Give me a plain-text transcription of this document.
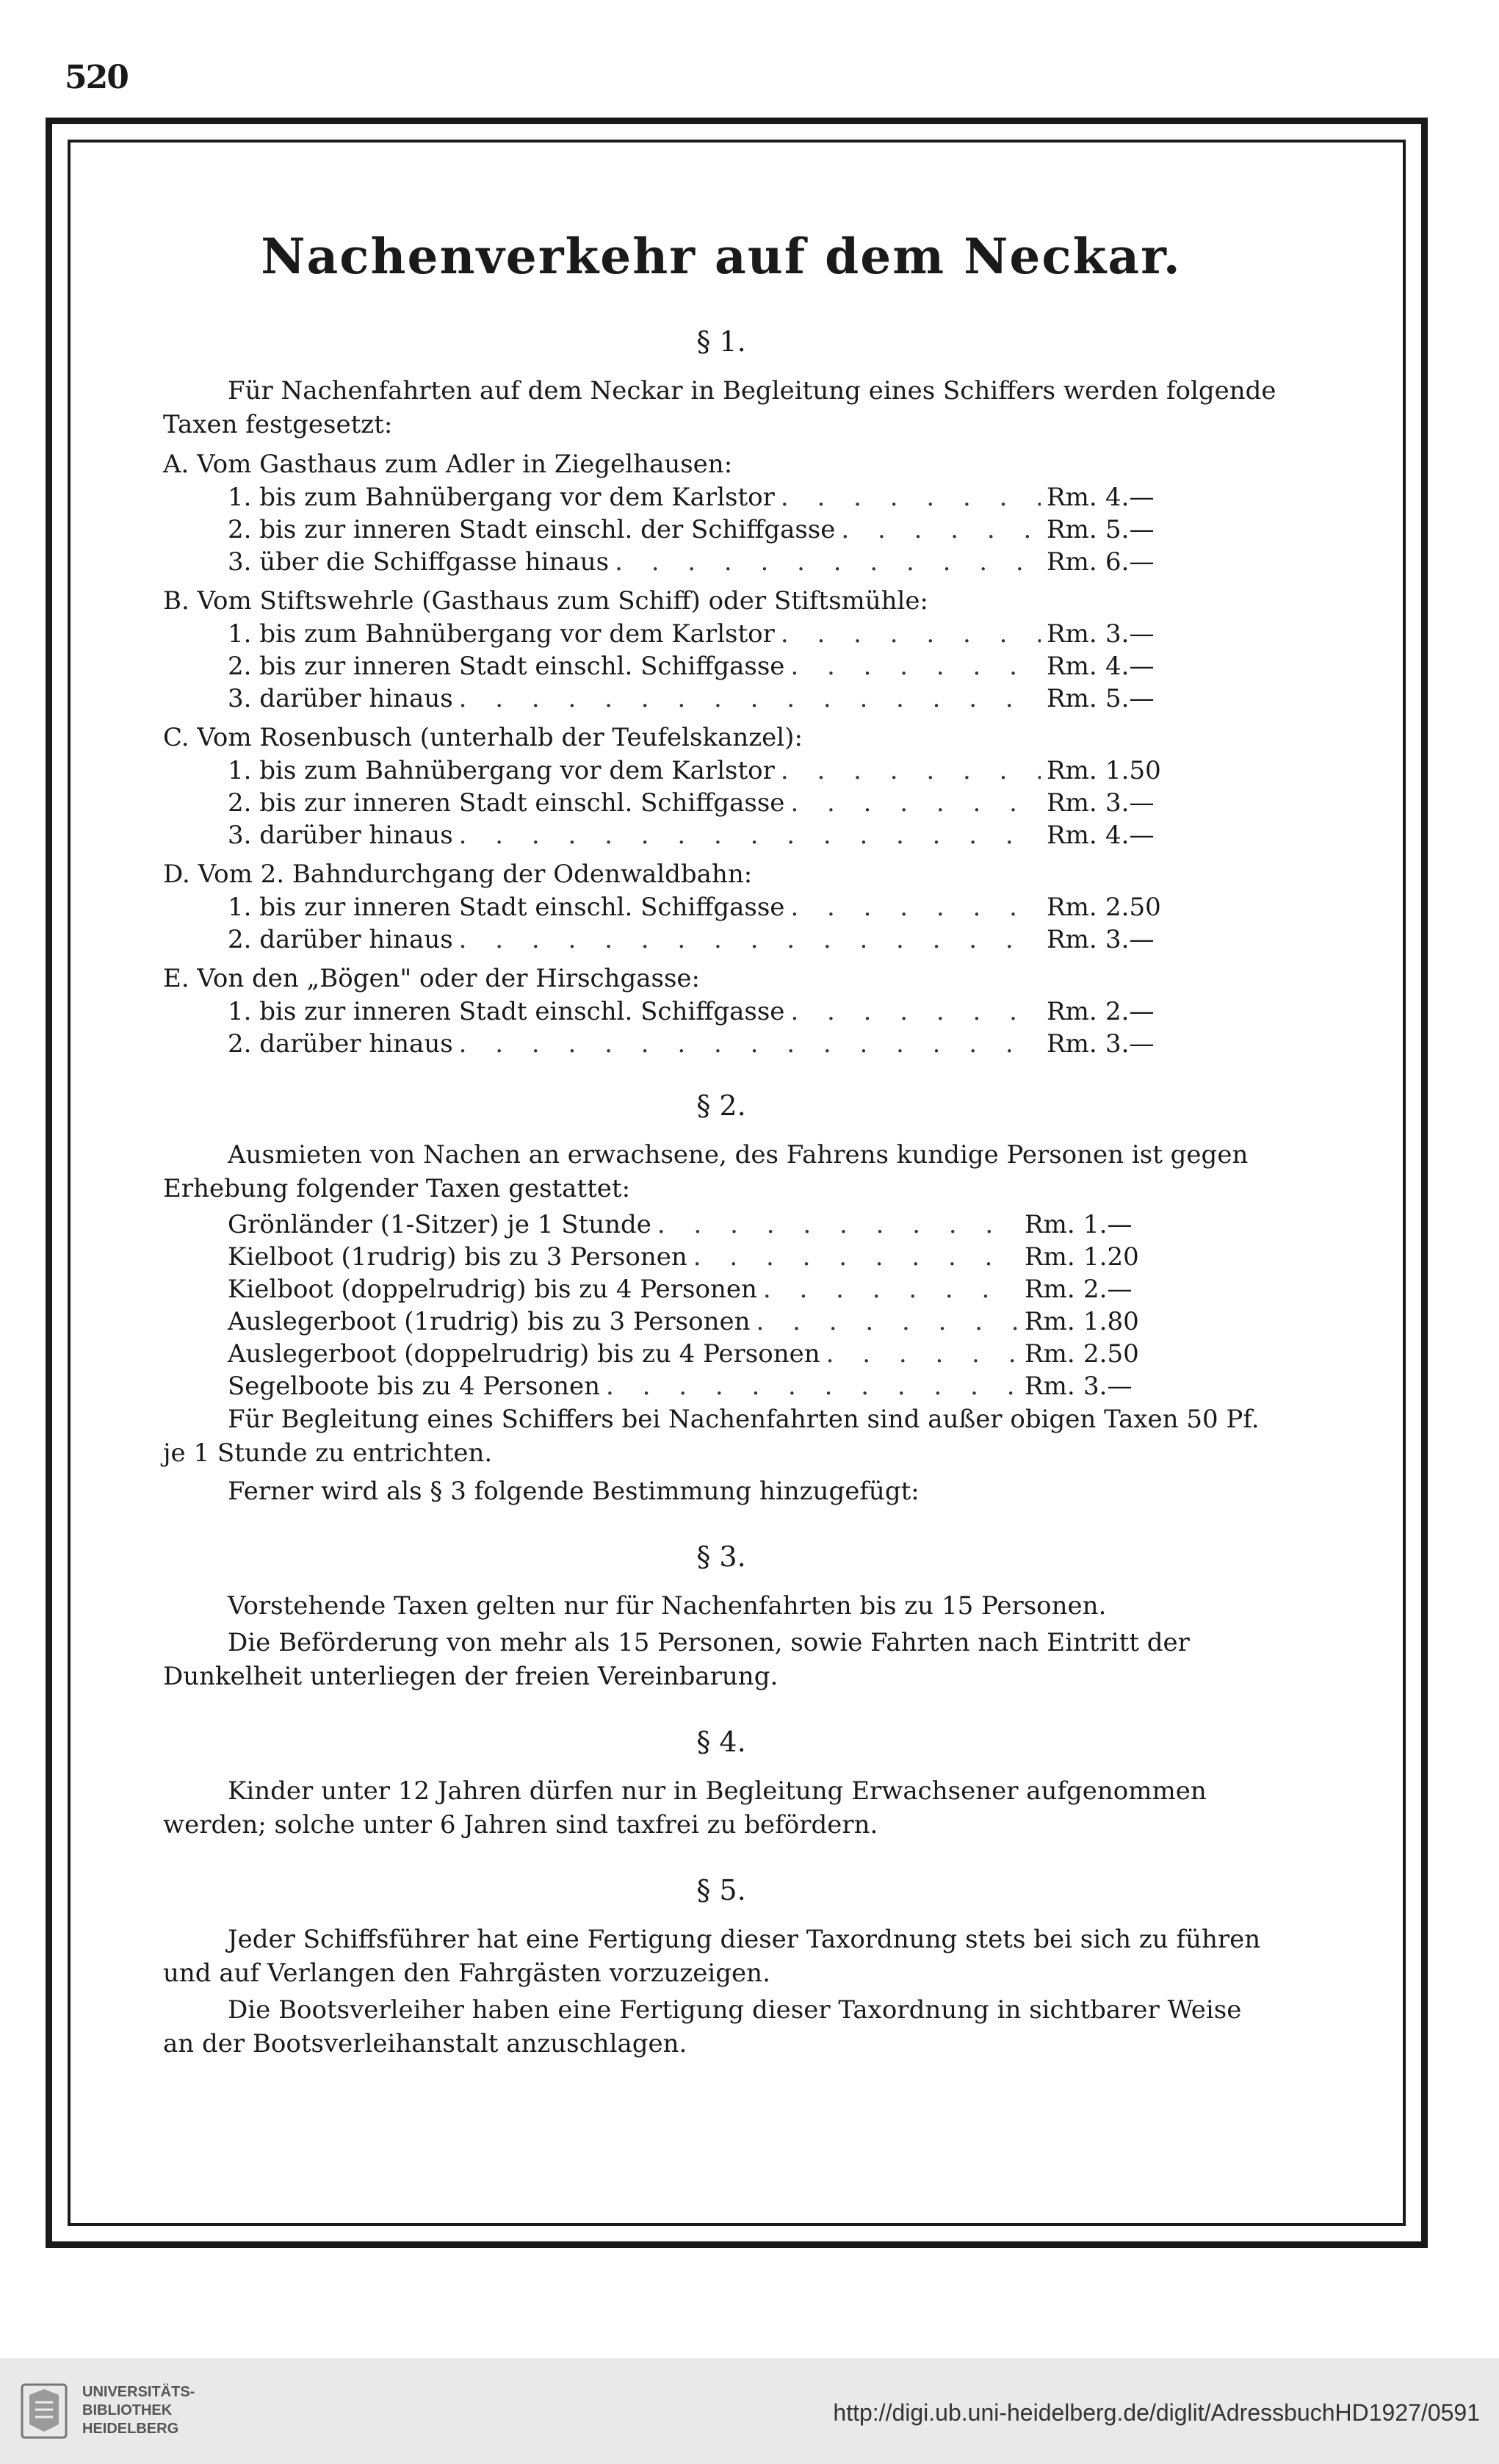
520
Nachenverkehr auf dem Neckar.
§ 1.
Für Nachenfahrten auf dem Neckar in Begleitung eines Schiffers werden folgende Taxen festgesetzt:
A. Vom Gasthaus zum Adler in Ziegelhausen:
1. bis zum Bahnübergang vor dem Karlstor . . .	Rm. 4.—
2. bis zur inneren Stadt einschl. der Schiffgasse . . .	Rm. 5.—
3. über die Schiffgasse hinaus . . .	Rm. 6.—
B. Vom Stiftswehrle (Gasthaus zum Schiff) oder Stiftsmühle:
1. bis zum Bahnübergang vor dem Karlstor . . .	Rm. 3.—
2. bis zur inneren Stadt einschl. Schiffgasse . . .	Rm. 4.—
3. darüber hinaus . . .	Rm. 5.—
C. Vom Rosenbusch (unterhalb der Teufelskanzel):
1. bis zum Bahnübergang vor dem Karlstor . . .	Rm. 1.50
2. bis zur inneren Stadt einschl. Schiffgasse . . .	Rm. 3.—
3. darüber hinaus . . .	Rm. 4.—
D. Vom 2. Bahndurchgang der Odenwaldbahn:
1. bis zur inneren Stadt einschl. Schiffgasse . . .	Rm. 2.50
2. darüber hinaus . . .	Rm. 3.—
E. Von den „Bögen" oder der Hirschgasse:
1. bis zur inneren Stadt einschl. Schiffgasse . . .	Rm. 2.—
2. darüber hinaus . . .	Rm. 3.—
§ 2.
Ausmieten von Nachen an erwachsene, des Fahrens kundige Personen ist gegen Erhebung folgender Taxen gestattet:
Grönländer (1-Sitzer) je 1 Stunde . . .	Rm. 1.—
Kielboot (1rudrig) bis zu 3 Personen . . .	Rm. 1.20
Kielboot (doppelrudrig) bis zu 4 Personen . . .	Rm. 2.—
Auslegerboot (1rudrig) bis zu 3 Personen . . .	Rm. 1.80
Auslegerboot (doppelrudrig) bis zu 4 Personen . . .	Rm. 2.50
Segelboote bis zu 4 Personen . . .	Rm. 3.—
Für Begleitung eines Schiffers bei Nachenfahrten sind außer obigen Taxen 50 Pf. je 1 Stunde zu entrichten.
Ferner wird als § 3 folgende Bestimmung hinzugefügt:
§ 3.
Vorstehende Taxen gelten nur für Nachenfahrten bis zu 15 Personen.
Die Beförderung von mehr als 15 Personen, sowie Fahrten nach Eintritt der Dunkelheit unterliegen der freien Vereinbarung.
§ 4.
Kinder unter 12 Jahren dürfen nur in Begleitung Erwachsener aufgenommen werden; solche unter 6 Jahren sind taxfrei zu befördern.
§ 5.
Jeder Schiffsführer hat eine Fertigung dieser Taxordnung stets bei sich zu führen und auf Verlangen den Fahrgästen vorzuzeigen.
Die Bootsverleiher haben eine Fertigung dieser Taxordnung in sichtbarer Weise an der Bootsverleihanstalt anzuschlagen.
UNIVERSITÄTS-
BIBLIOTHEK
HEIDELBERG
http://digi.ub.uni-heidelberg.de/diglit/AdressbuchHD1927/0591
